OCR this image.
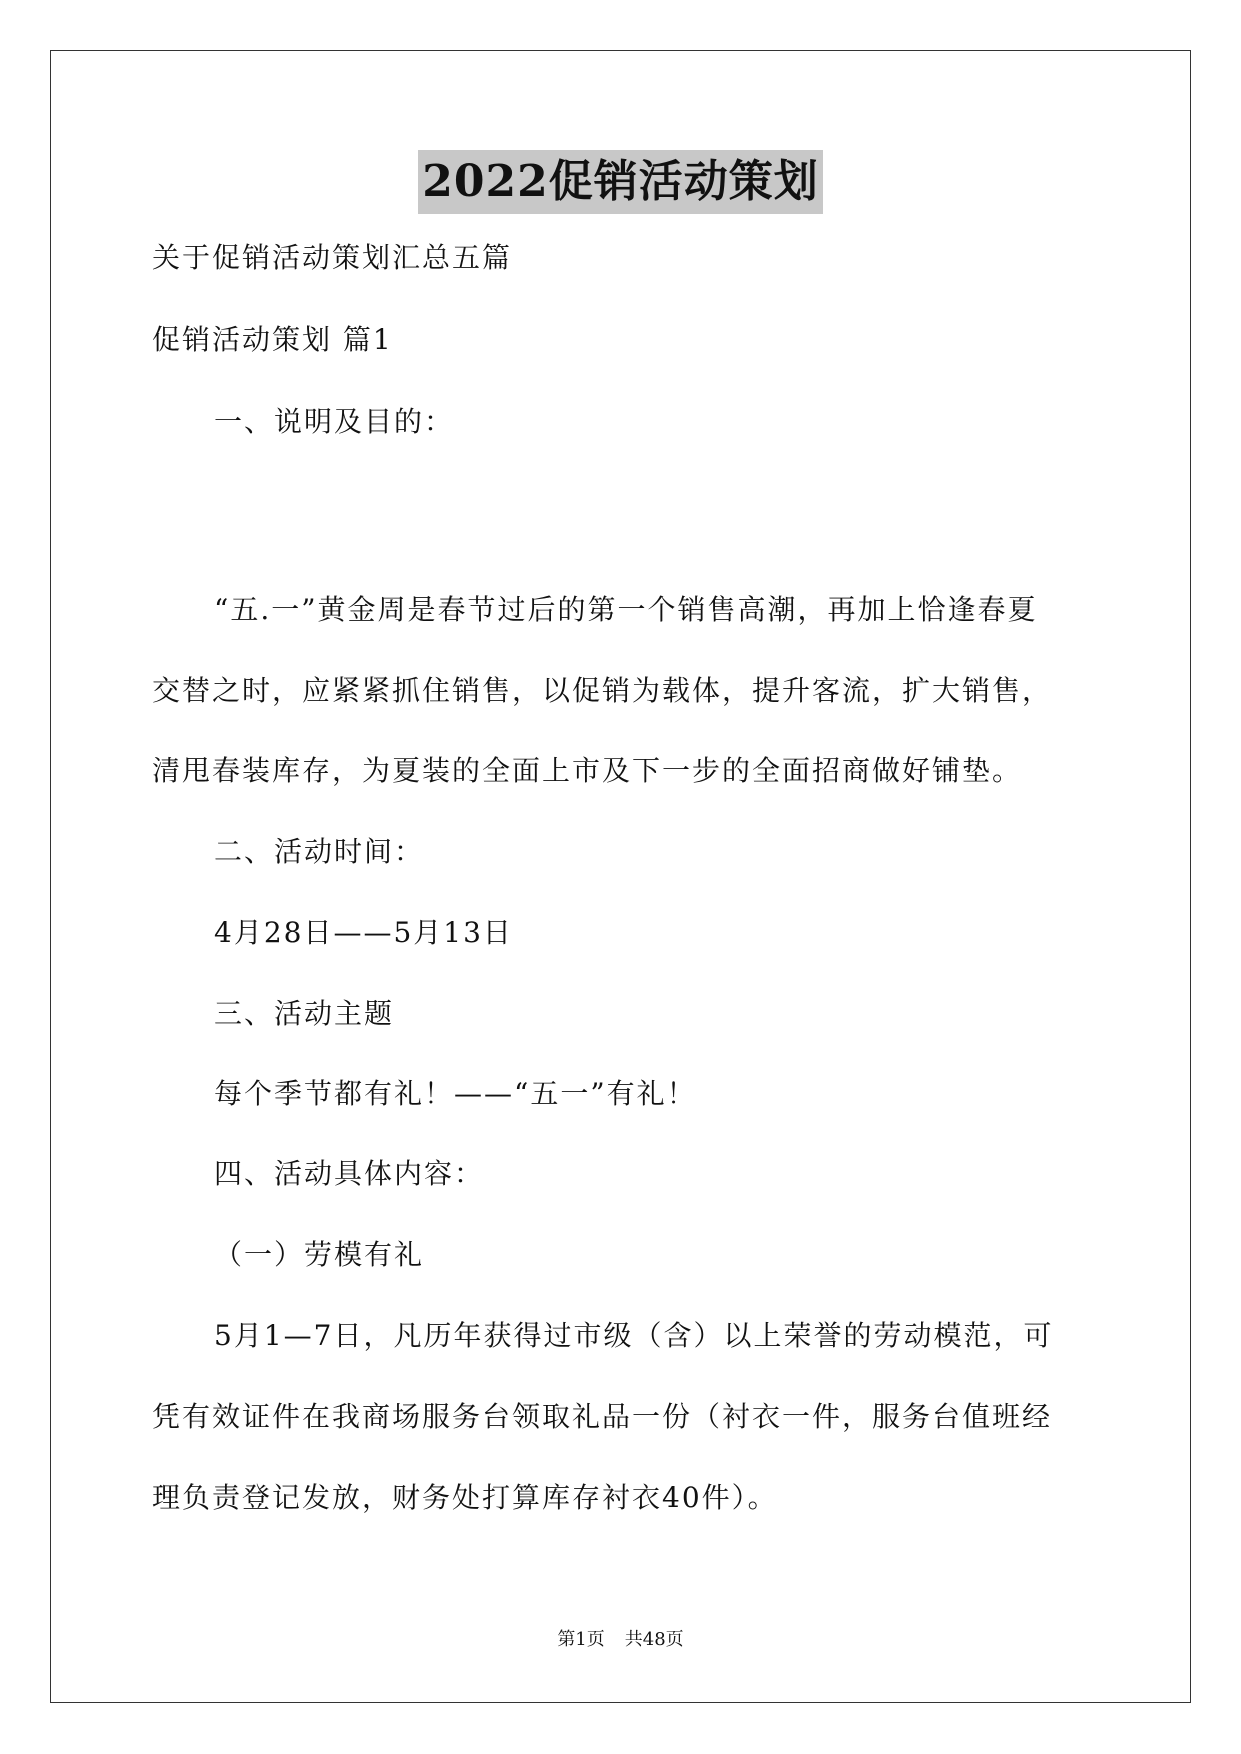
2022促销活动策划
关于促销活动策划汇总五篇
促销活动策划 篇1
一、说明及目的：
“五.一”黄金周是春节过后的第一个销售高潮，再加上恰逢春夏
交替之时，应紧紧抓住销售，以促销为载体，提升客流，扩大销售，
清甩春装库存，为夏装的全面上市及下一步的全面招商做好铺垫。
二、活动时间：
4月28日——5月13日
三、活动主题
每个季节都有礼！——“五一”有礼！
四、活动具体内容：
（一）劳模有礼
5月1—7日，凡历年获得过市级（含）以上荣誉的劳动模范，可
凭有效证件在我商场服务台领取礼品一份（衬衣一件，服务台值班经
理负责登记发放，财务处打算库存衬衣40件）。
第1页 共48页
